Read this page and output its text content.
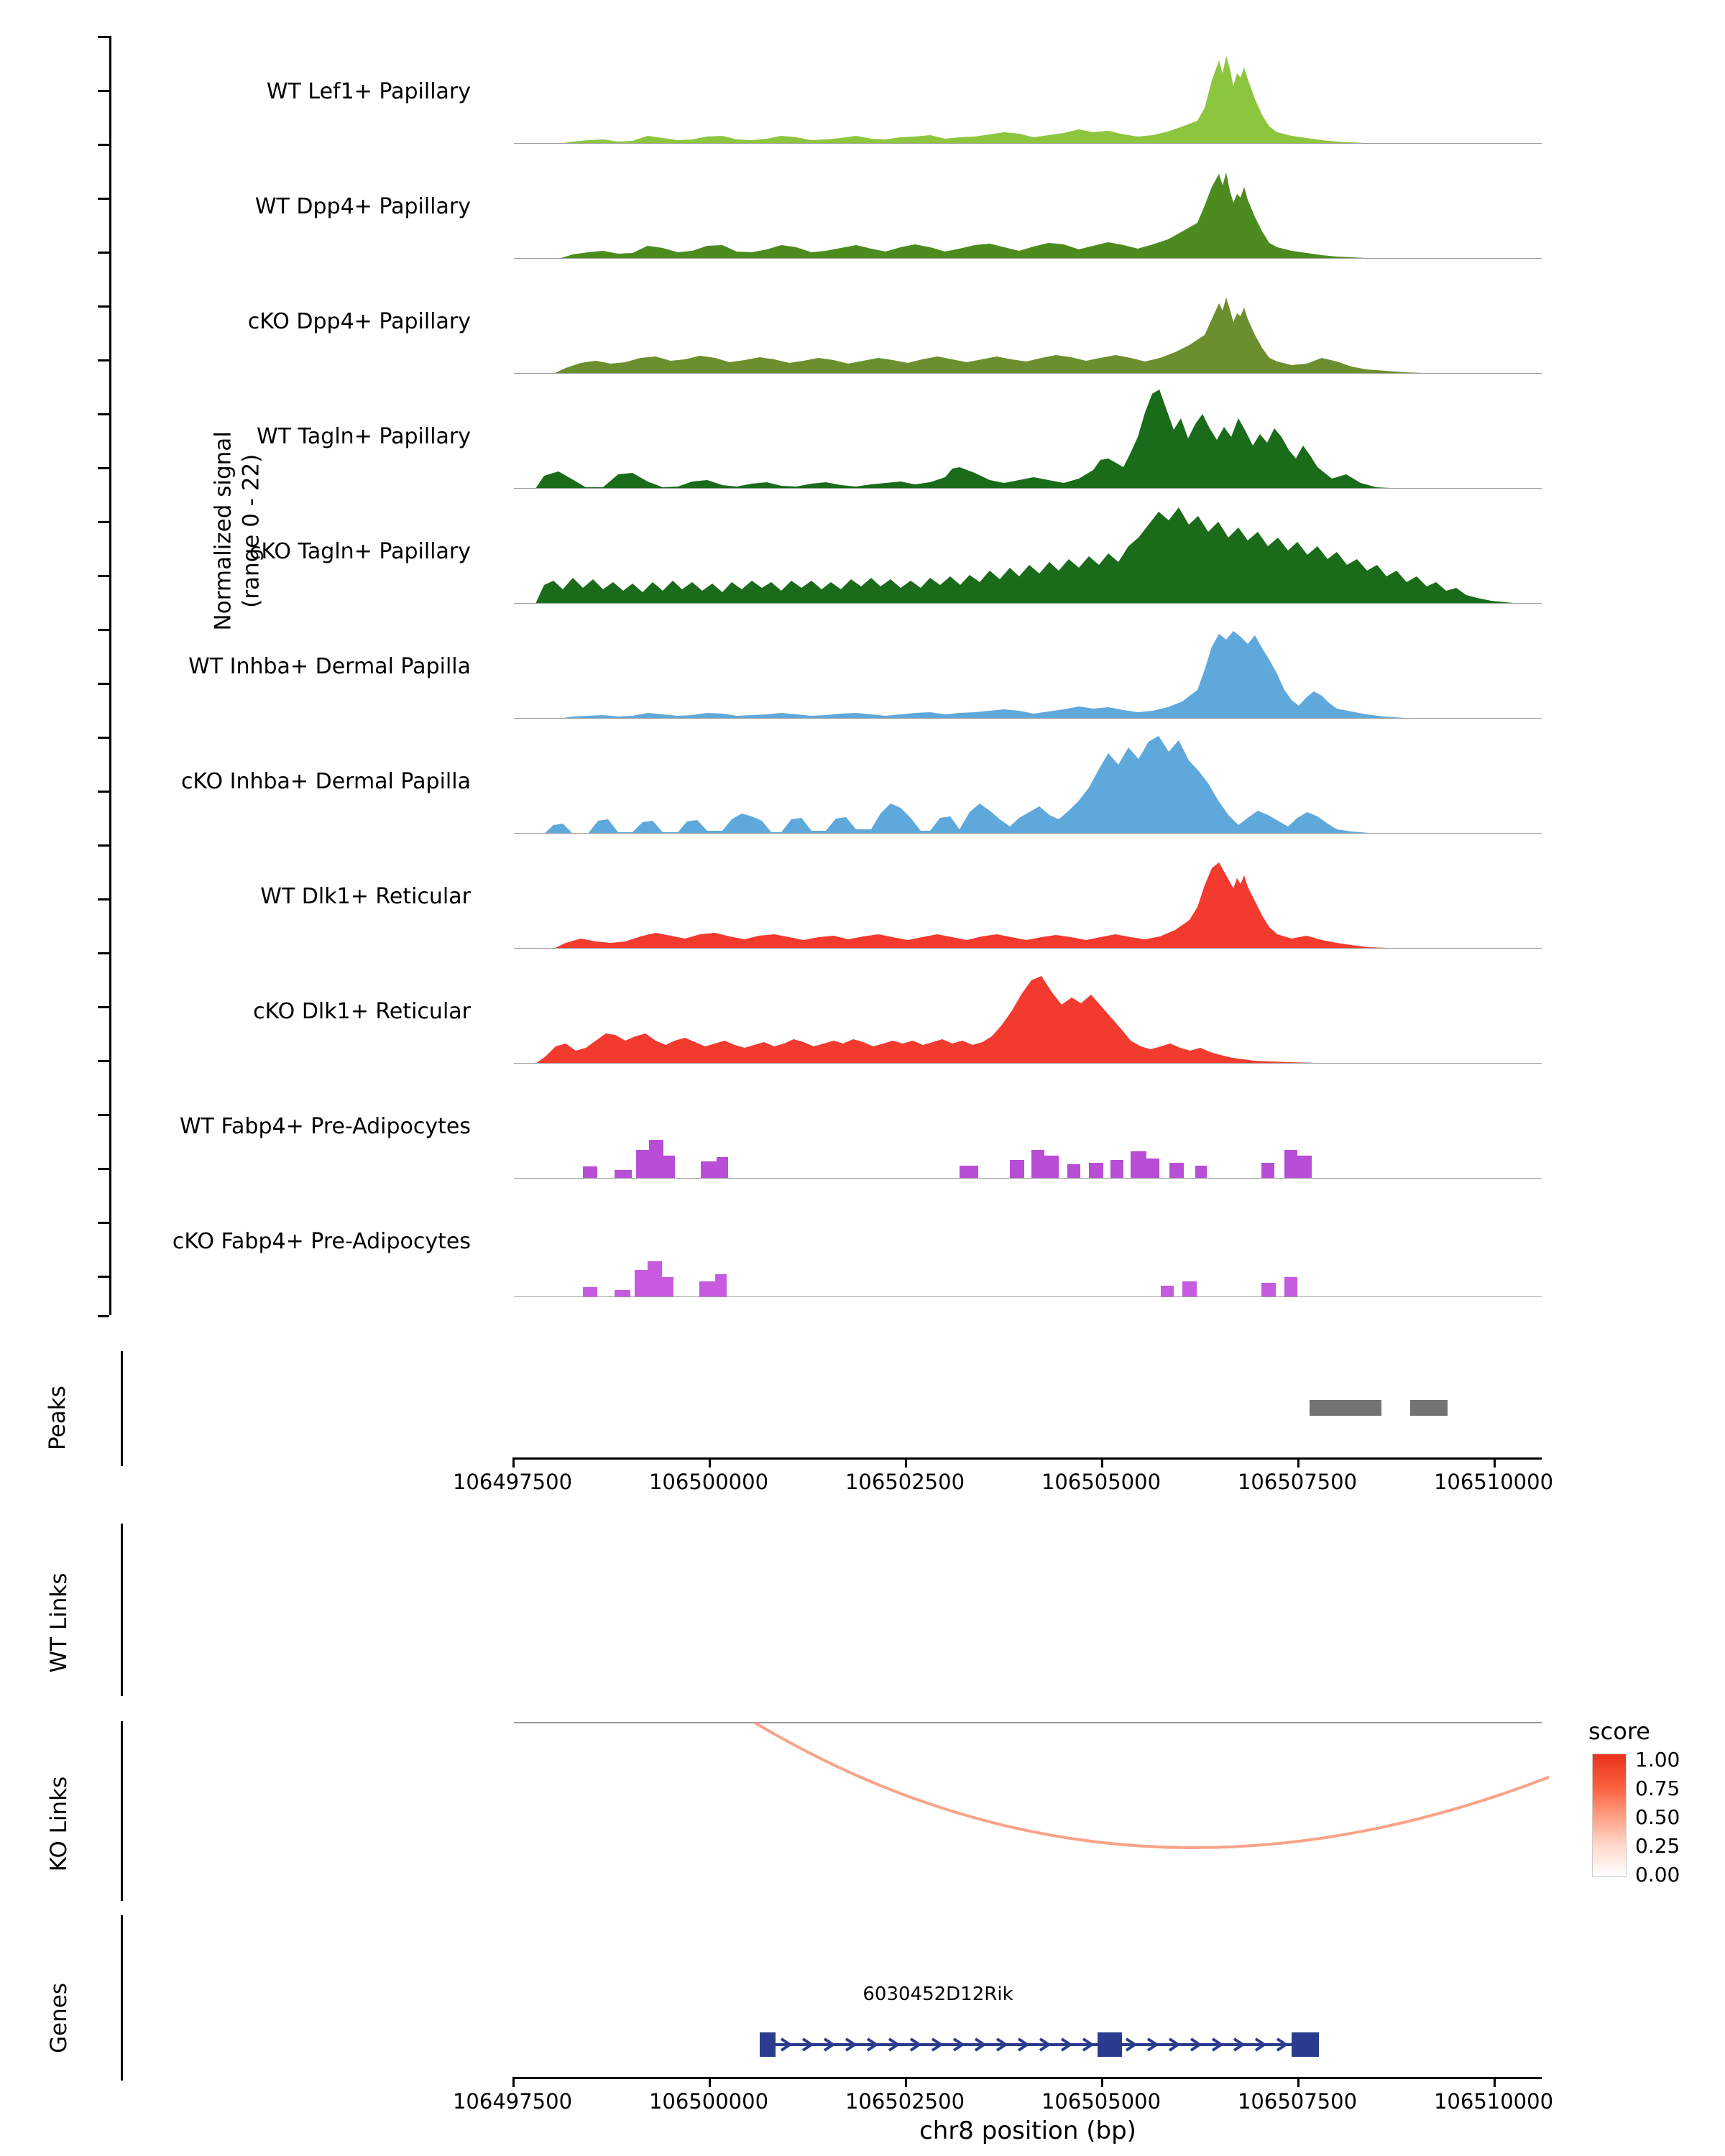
Normalized signal (range 0 - 22)
WT Lef1+ Papillary
WT Dpp4+ Papillary
cKO Dpp4+ Papillary
WT Tagln+ Papillary
cKO Tagln+ Papillary
WT Inhba+ Dermal Papilla
cKO Inhba+ Dermal Papilla
WT Dlk1+ Reticular
cKO Dlk1+ Reticular
WT Fabp4+ Pre-Adipocytes
cKO Fabp4+ Pre-Adipocytes
Peaks
106497500	106500000	106502500	106505000	106507500	106510000
WT Links
KO Links
score
1.00
0.75
0.50
0.25
0.00
Genes	6030452D12Rik
106497500	106500000	106502500	106505000	106507500	106510000
chr8 position (bp)
